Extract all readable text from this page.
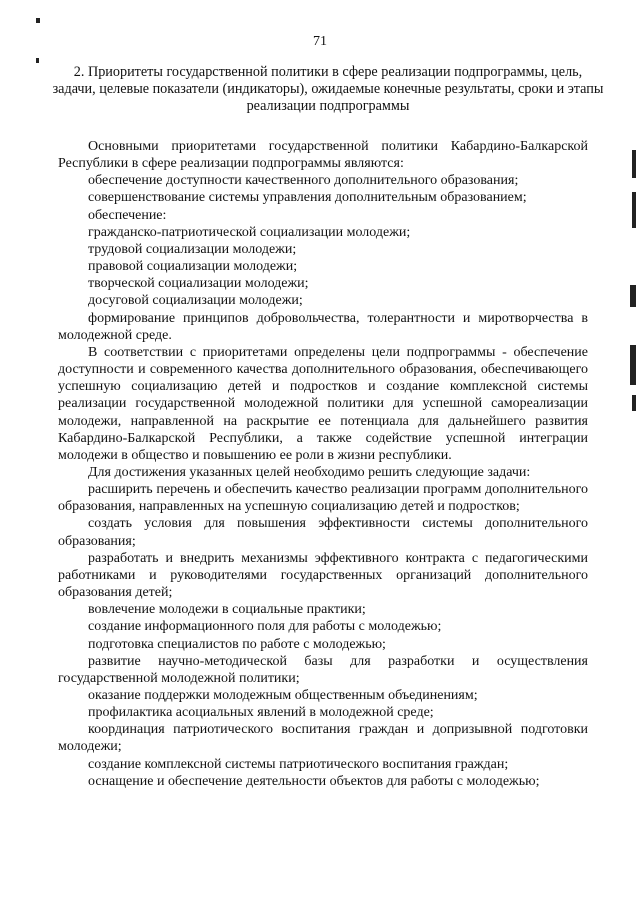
71
2. Приоритеты государственной политики в сфере реализации подпрограммы, цель, задачи, целевые показатели (индикаторы), ожидаемые конечные результаты, сроки и этапы реализации подпрограммы

Основными приоритетами государственной политики Кабардино-Балкарской Республики в сфере реализации подпрограммы являются:

обеспечение доступности качественного дополнительного образования;

совершенствование системы управления дополнительным образованием;

обеспечение:

гражданско-патриотической социализации молодежи;

трудовой социализации молодежи;

правовой социализации молодежи;

творческой социализации молодежи;

досуговой социализации молодежи;

формирование принципов добровольчества, толерантности и миротворчества в молодежной среде.

В соответствии с приоритетами определены цели подпрограммы - обеспечение доступности и современного качества дополнительного образования, обеспечивающего успешную социализацию детей и подростков и создание комплексной системы реализации государственной молодежной политики для успешной самореализации молодежи, направленной на раскрытие ее потенциала для дальнейшего развития Кабардино-Балкарской Республики, а также содействие успешной интеграции молодежи в общество и повышению ее роли в жизни республики.

Для достижения указанных целей необходимо решить следующие задачи:

расширить перечень и обеспечить качество реализации программ дополнительного образования, направленных на успешную социализацию детей и подростков;

создать условия для повышения эффективности системы дополнительного образования;

разработать и внедрить механизмы эффективного контракта с педагогическими работниками и руководителями государственных организаций дополнительного образования детей;

вовлечение молодежи в социальные практики;

создание информационного поля для работы с молодежью;

подготовка специалистов по работе с молодежью;

развитие научно-методической базы для разработки и осуществления государственной молодежной политики;

оказание поддержки молодежным общественным объединениям;

профилактика асоциальных явлений в молодежной среде;

координация патриотического воспитания граждан и допризывной подготовки молодежи;

создание комплексной системы патриотического воспитания граждан;

оснащение и обеспечение деятельности объектов для работы с молодежью;
